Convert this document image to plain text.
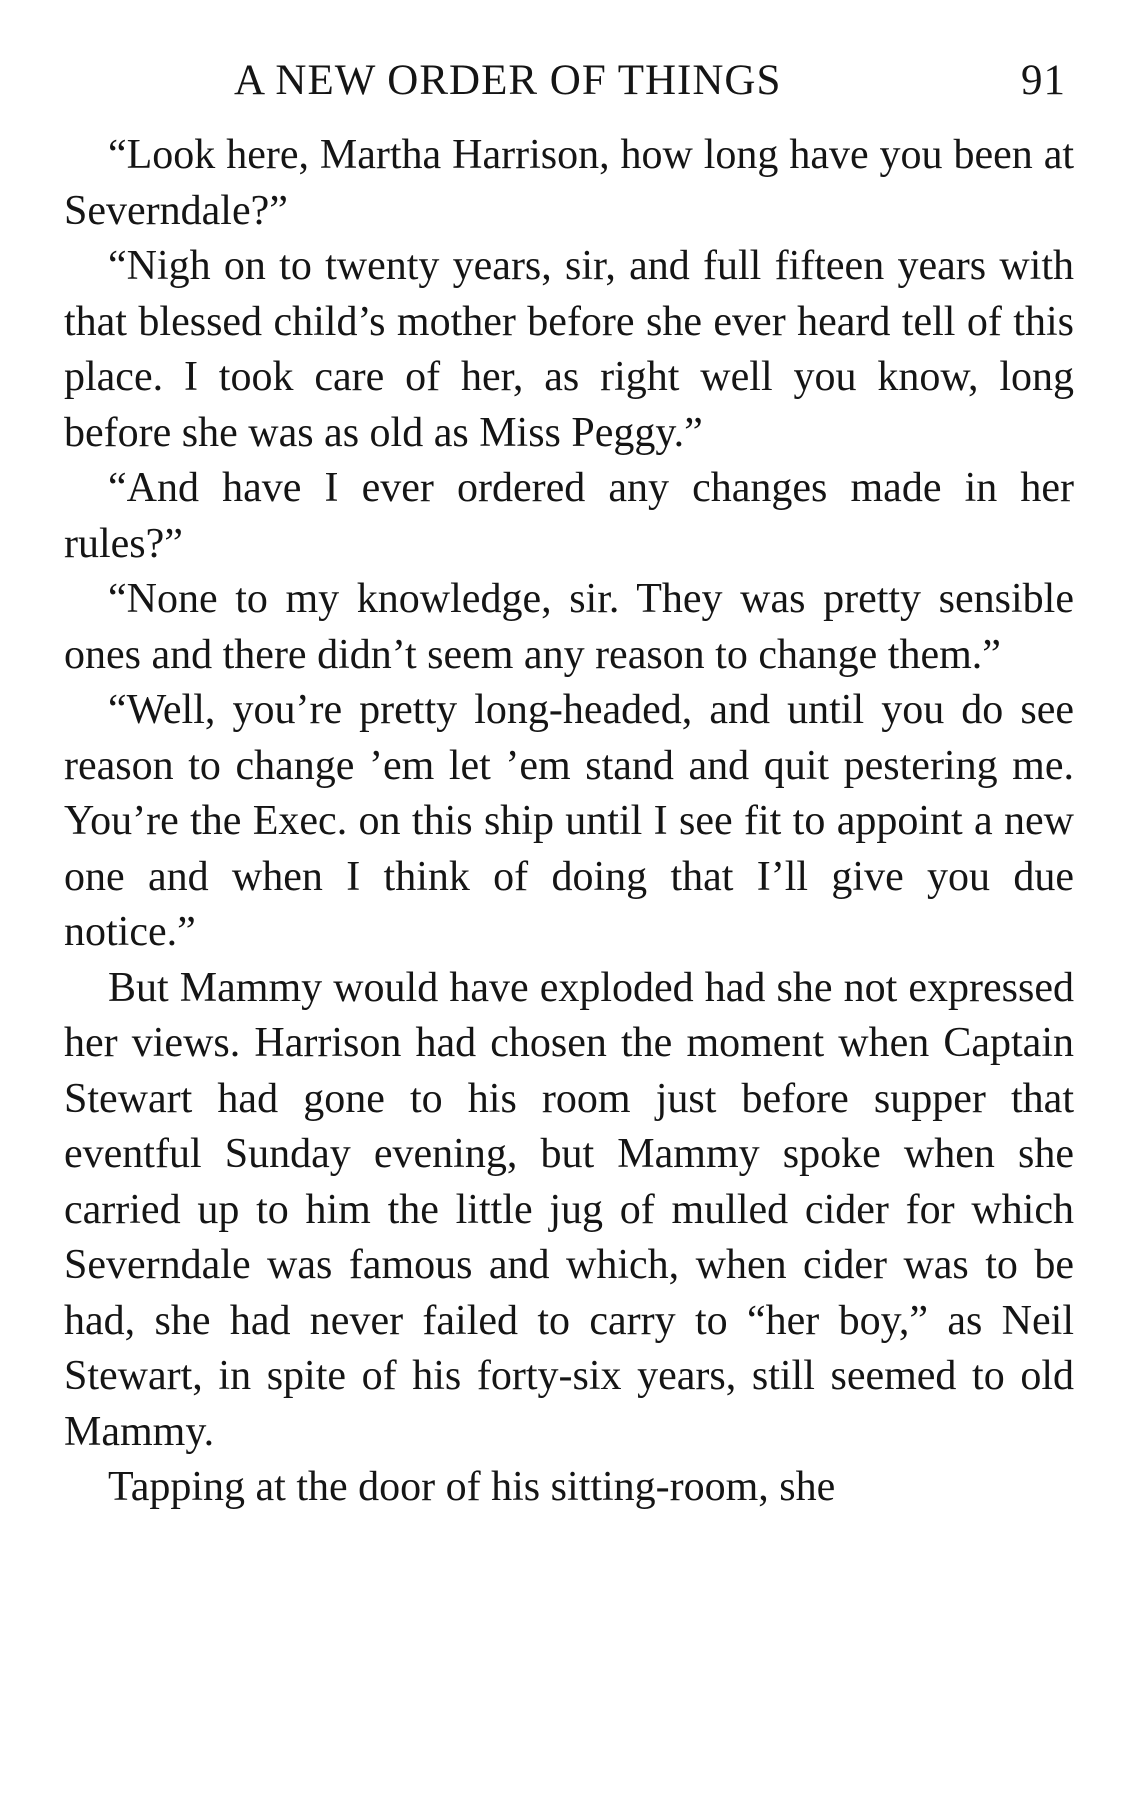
A NEW ORDER OF THINGS	91

“Look here, Martha Harrison, how long have you been at Severndale?”

“Nigh on to twenty years, sir, and full fifteen years with that blessed child’s mother before she ever heard tell of this place. I took care of her, as right well you know, long before she was as old as Miss Peggy.”

“And have I ever ordered any changes made in her rules?”

“None to my knowledge, sir. They was pretty sensible ones and there didn’t seem any reason to change them.”

“Well, you’re pretty long-headed, and until you do see reason to change ’em let ’em stand and quit pestering me. You’re the Exec. on this ship until I see fit to appoint a new one and when I think of doing that I’ll give you due notice.”

But Mammy would have exploded had she not expressed her views. Harrison had chosen the moment when Captain Stewart had gone to his room just before supper that eventful Sunday evening, but Mammy spoke when she carried up to him the little jug of mulled cider for which Severndale was famous and which, when cider was to be had, she had never failed to carry to “her boy,” as Neil Stewart, in spite of his forty-six years, still seemed to old Mammy.

Tapping at the door of his sitting-room, she
